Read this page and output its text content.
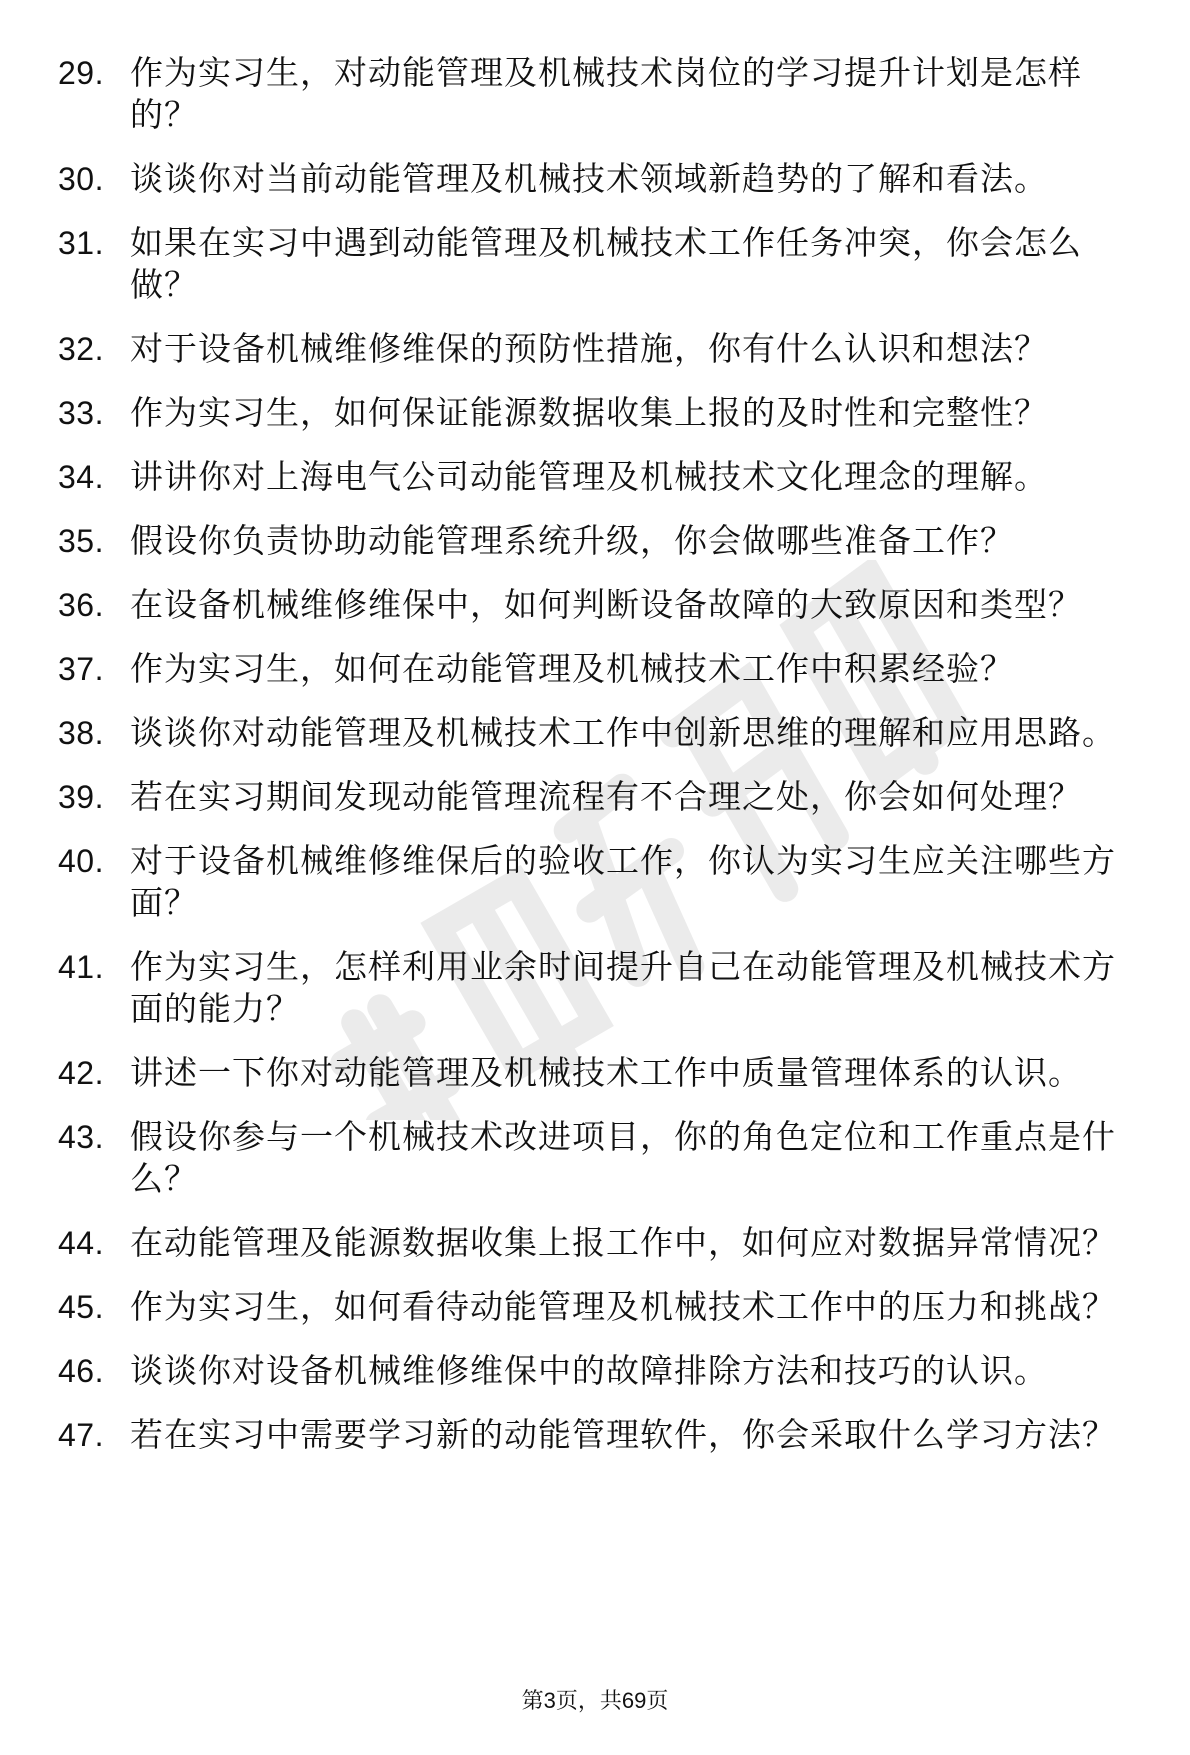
29. 作为实习生，对动能管理及机械技术岗位的学习提升计划是怎样的？
30. 谈谈你对当前动能管理及机械技术领域新趋势的了解和看法。
31. 如果在实习中遇到动能管理及机械技术工作任务冲突，你会怎么做？
32. 对于设备机械维修维保的预防性措施，你有什么认识和想法？
33. 作为实习生，如何保证能源数据收集上报的及时性和完整性？
34. 讲讲你对上海电气公司动能管理及机械技术文化理念的理解。
35. 假设你负责协助动能管理系统升级，你会做哪些准备工作？
36. 在设备机械维修维保中，如何判断设备故障的大致原因和类型？
37. 作为实习生，如何在动能管理及机械技术工作中积累经验？
38. 谈谈你对动能管理及机械技术工作中创新思维的理解和应用思路。
39. 若在实习期间发现动能管理流程有不合理之处，你会如何处理？
40. 对于设备机械维修维保后的验收工作，你认为实习生应关注哪些方面？
41. 作为实习生，怎样利用业余时间提升自己在动能管理及机械技术方面的能力？
42. 讲述一下你对动能管理及机械技术工作中质量管理体系的认识。
43. 假设你参与一个机械技术改进项目，你的角色定位和工作重点是什么？
44. 在动能管理及能源数据收集上报工作中，如何应对数据异常情况？
45. 作为实习生，如何看待动能管理及机械技术工作中的压力和挑战？
46. 谈谈你对设备机械维修维保中的故障排除方法和技巧的认识。
47. 若在实习中需要学习新的动能管理软件，你会采取什么学习方法？
第3页，共69页
